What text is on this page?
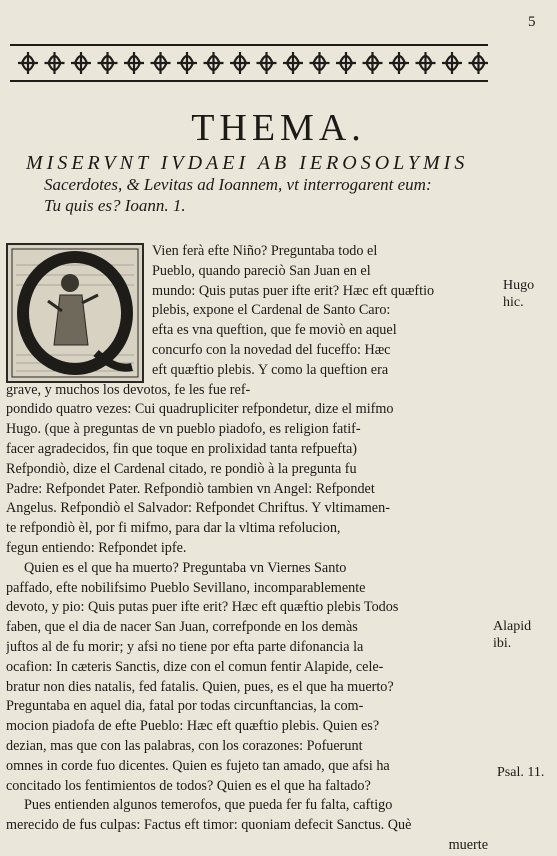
5
THEMA.
MISERVNT IVDAEI AB IEROSOLYMIS
Sacerdotes, & Levitas ad Ioannem, vt interrogarent eum:
Tu quis es? Ioann. 1.
Vien ferà efte Niño? Preguntaba todo el
Pueblo, quando pareciò San Juan en el
mundo: Quis putas puer ifte erit? Hæc eft quæftio
plebis, expone el Cardenal de Santo Caro:
efta es vna queftion, que fe moviò en aquel
concurfo con la novedad del fuceffo: Hæc
eft quæftio plebis. Y como la queftion era
grave, y muchos los devotos, fe les fue ref-
pondido quatro vezes: Cui quadrupliciter refpondetur, dize el mifmo
Hugo. (que à preguntas de vn pueblo piadofo, es religion fatif-
facer agradecidos, fin que toque en prolixidad tanta refpuefta)
Refpondiò, dize el Cardenal citado, re pondiò à la pregunta fu
Padre: Refpondet Pater. Refpondiò tambien vn Angel: Refpondet
Angelus. Refpondiò el Salvador: Refpondet Chriftus. Y vltimamen-
te refpondiò èl, por fi mifmo, para dar la vltima refolucion,
fegun entiendo: Refpondet ipfe.
Quien es el que ha muerto? Preguntaba vn Viernes Santo
paffado, efte nobilifsimo Pueblo Sevillano, incomparablemente
devoto, y pio: Quis putas puer ifte erit? Hæc eft quæftio plebis Todos
faben, que el dia de nacer San Juan, correfponde en los demàs
juftos al de fu morir; y afsi no tiene por efta parte difonancia la
ocafion: In cæteris Sanctis, dize con el comun fentir Alapide, cele-
bratur non dies natalis, fed fatalis. Quien, pues, es el que ha muerto?
Preguntaba en aquel dia, fatal por todas circunftancias, la com-
mocion piadofa de efte Pueblo: Hæc eft quæftio plebis. Quien es?
dezian, mas que con las palabras, con los corazones: Pofuerunt
omnes in corde fuo dicentes. Quien es fujeto tan amado, que afsi ha
concitado los fentimientos de todos? Quien es el que ha faltado?
Pues entienden algunos temerofos, que pueda fer fu falta, caftigo
merecido de fus culpas: Factus eft timor: quoniam defecit Sanctus. Què
muerte
Hugo
hic.
Alapid
ibi.
Psal. 11.
